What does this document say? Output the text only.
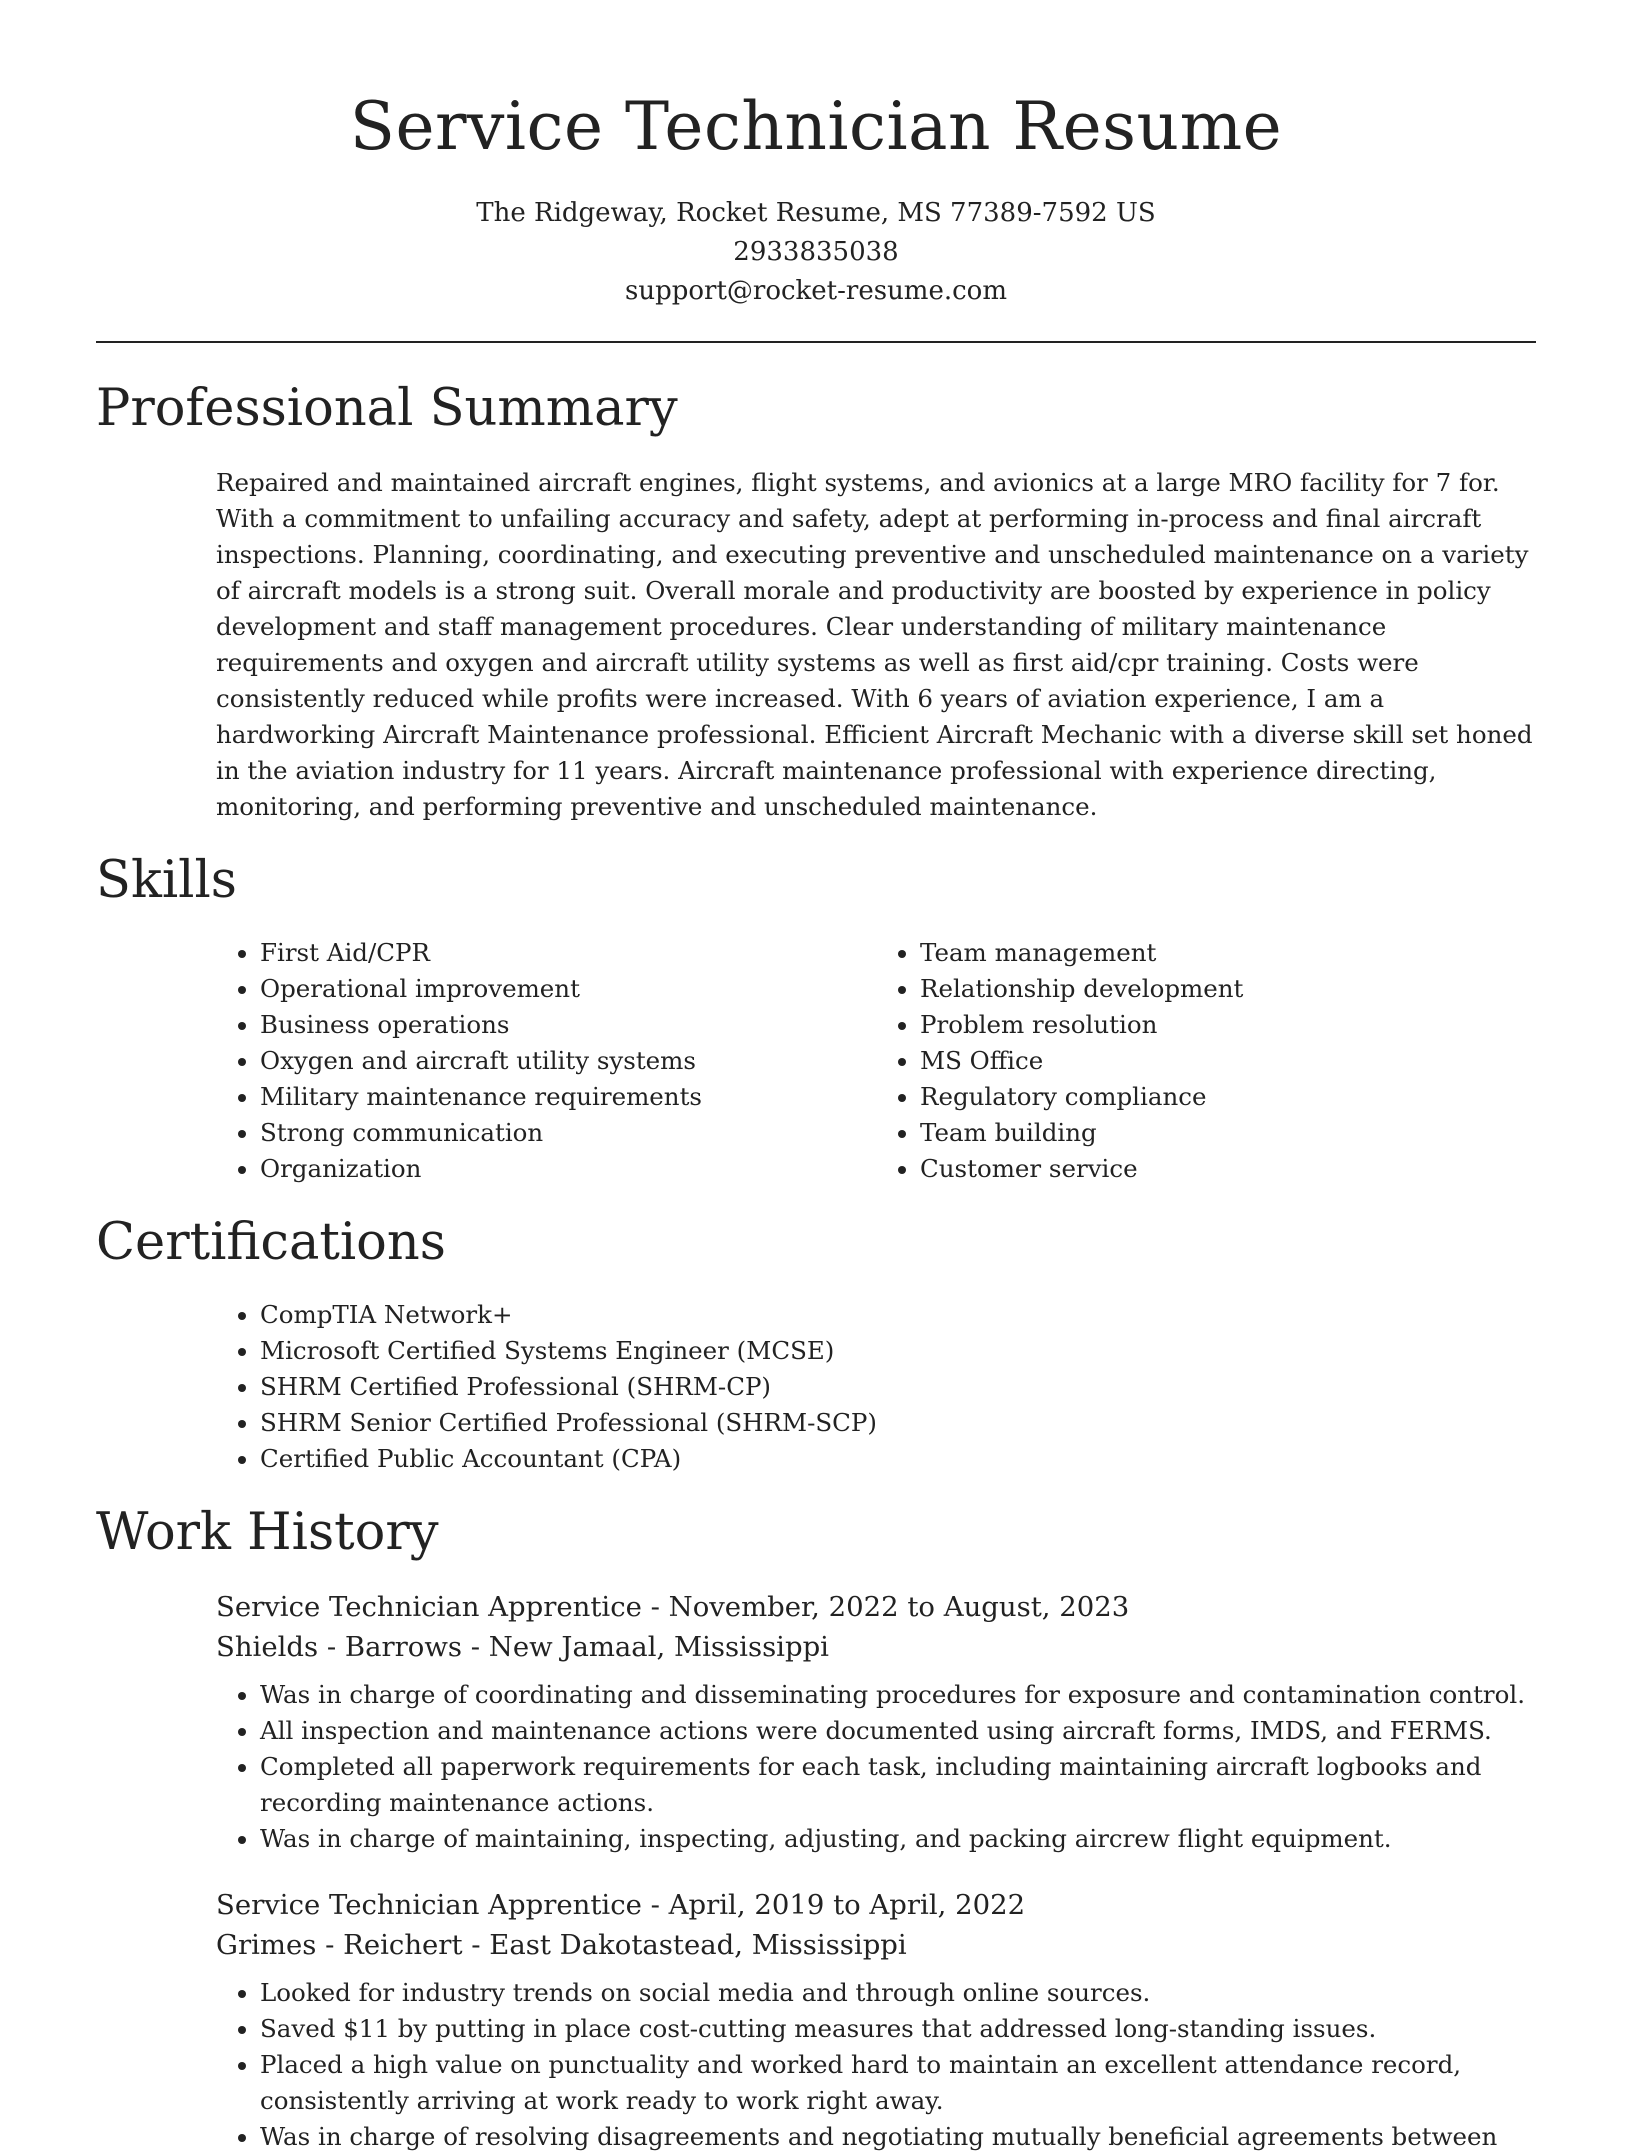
Service Technician Resume
The Ridgeway, Rocket Resume, MS 77389-7592 US
2933835038
support@rocket-resume.com
Professional Summary

Repaired and maintained aircraft engines, flight systems, and avionics at a large MRO facility for 7 for. With a commitment to unfailing accuracy and safety, adept at performing in-process and final aircraft inspections. Planning, coordinating, and executing preventive and unscheduled maintenance on a variety of aircraft models is a strong suit. Overall morale and productivity are boosted by experience in policy development and staff management procedures. Clear understanding of military maintenance requirements and oxygen and aircraft utility systems as well as first aid/cpr training. Costs were consistently reduced while profits were increased. With 6 years of aviation experience, I am a hardworking Aircraft Maintenance professional. Efficient Aircraft Mechanic with a diverse skill set honed in the aviation industry for 11 years. Aircraft maintenance professional with experience directing, monitoring, and performing preventive and unscheduled maintenance.

Skills
• First Aid/CPR
• Operational improvement
• Business operations
• Oxygen and aircraft utility systems
• Military maintenance requirements
• Strong communication
• Organization
• Team management
• Relationship development
• Problem resolution
• MS Office
• Regulatory compliance
• Team building
• Customer service
Certifications
• CompTIA Network+
• Microsoft Certified Systems Engineer (MCSE)
• SHRM Certified Professional (SHRM-CP)
• SHRM Senior Certified Professional (SHRM-SCP)
• Certified Public Accountant (CPA)
Work History
Service Technician Apprentice - November, 2022 to August, 2023
Shields - Barrows - New Jamaal, Mississippi
• Was in charge of coordinating and disseminating procedures for exposure and contamination control.
• All inspection and maintenance actions were documented using aircraft forms, IMDS, and FERMS.
• Completed all paperwork requirements for each task, including maintaining aircraft logbooks and recording maintenance actions.
• Was in charge of maintaining, inspecting, adjusting, and packing aircrew flight equipment.
Service Technician Apprentice - April, 2019 to April, 2022
Grimes - Reichert - East Dakotastead, Mississippi
• Looked for industry trends on social media and through online sources.
• Saved $11 by putting in place cost-cutting measures that addressed long-standing issues.
• Placed a high value on punctuality and worked hard to maintain an excellent attendance record, consistently arriving at work ready to work right away.
• Was in charge of resolving disagreements and negotiating mutually beneficial agreements between
